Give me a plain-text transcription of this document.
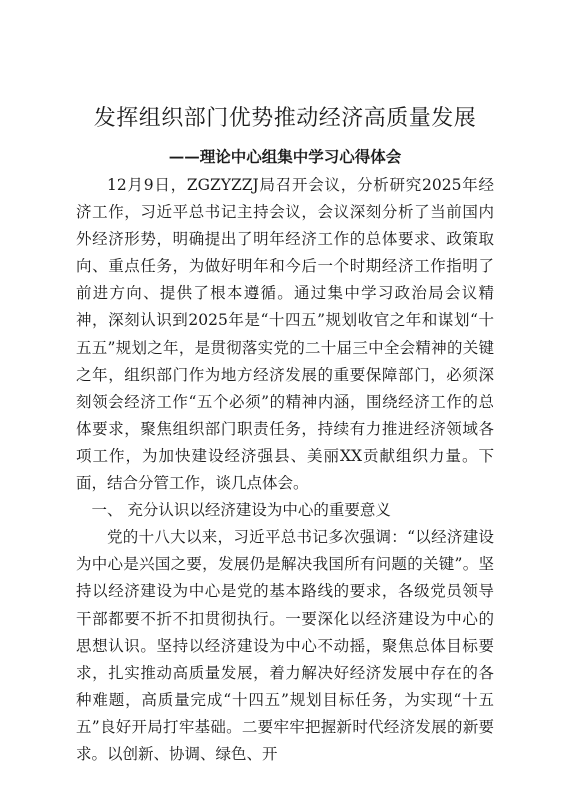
发挥组织部门优势推动经济高质量发展
——理论中心组集中学习心得体会

12月9日，ZGZYZZJ局召开会议，分析研究2025年经济工作，习近平总书记主持会议，会议深刻分析了当前国内外经济形势，明确提出了明年经济工作的总体要求、政策取向、重点任务，为做好明年和今后一个时期经济工作指明了前进方向、提供了根本遵循。通过集中学习政治局会议精神，深刻认识到2025年是“十四五”规划收官之年和谋划“十五五”规划之年，是贯彻落实党的二十届三中全会精神的关键之年，组织部门作为地方经济发展的重要保障部门，必须深刻领会经济工作“五个必须”的精神内涵，围绕经济工作的总体要求，聚焦组织部门职责任务，持续有力推进经济领域各项工作，为加快建设经济强县、美丽XX贡献组织力量。下面，结合分管工作，谈几点体会。

一、 充分认识以经济建设为中心的重要意义

党的十八大以来，习近平总书记多次强调：“以经济建设为中心是兴国之要，发展仍是解决我国所有问题的关键”。坚持以经济建设为中心是党的基本路线的要求，各级党员领导干部都要不折不扣贯彻执行。一要深化以经济建设为中心的思想认识。坚持以经济建设为中心不动摇，聚焦总体目标要求，扎实推动高质量发展，着力解决好经济发展中存在的各种难题，高质量完成“十四五”规划目标任务，为实现“十五五”良好开局打牢基础。二要牢牢把握新时代经济发展的新要求。以创新、协调、绿色、开
